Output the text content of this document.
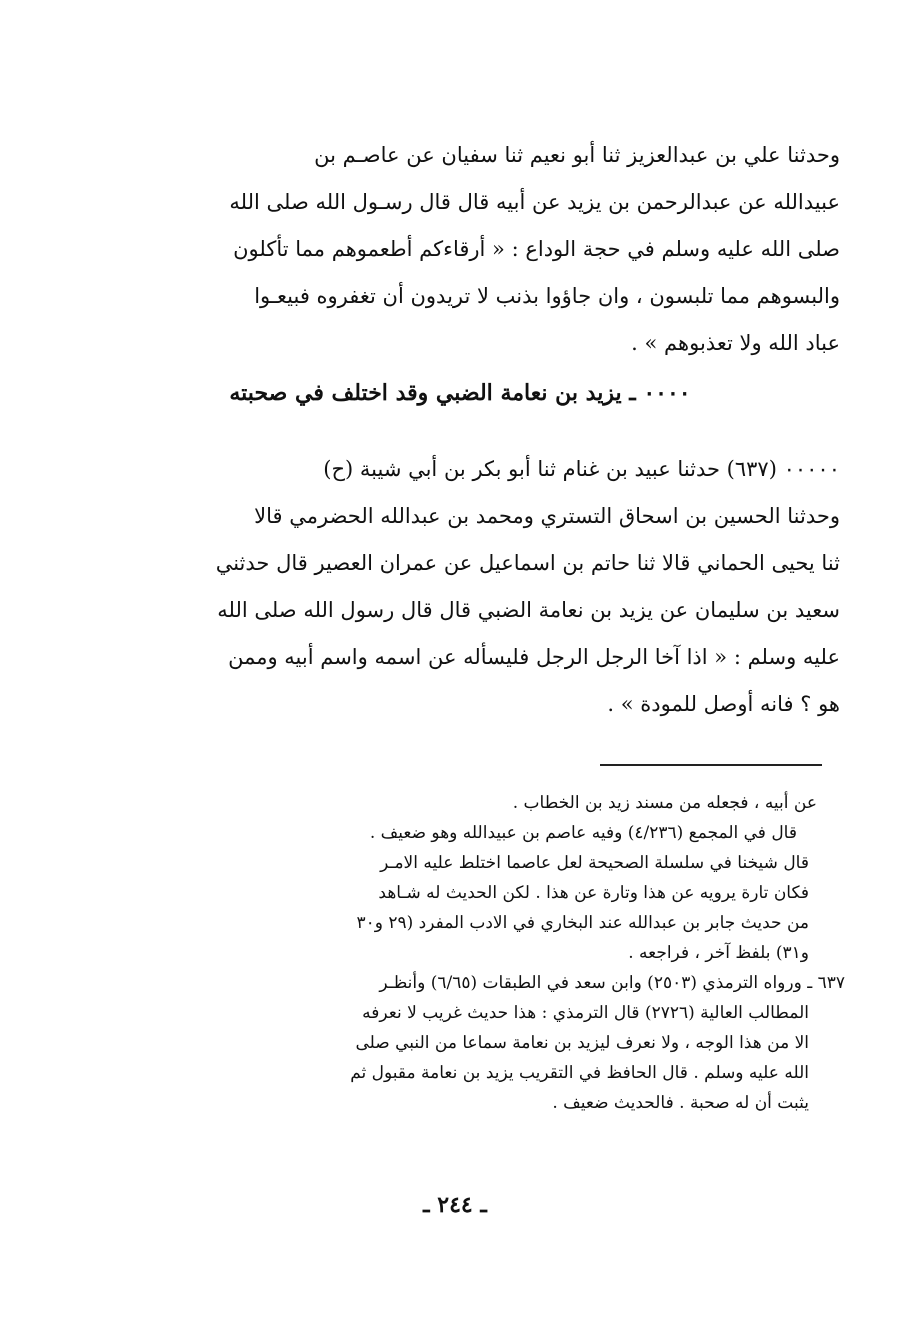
وحدثنا علي بن عبدالعزيز ثنا أبو نعيم ثنا سفيان عن عاصـم بن
عبيدالله عن عبدالرحمن بن يزيد عن أبيه قال قال رسـول الله صلى الله
صلى الله عليه وسلم في حجة الوداع : « أرقاءكم أطعموهم مما تأكلون
والبسوهم مما تلبسون ، وان جاؤوا بذنب لا تريدون أن تغفروه فبيعـوا
عباد الله ولا تعذبوهم » .
٠٠٠٠ ـ يزيد بن نعامة الضبي وقد اختلف في صحبته
٠٠٠٠٠ (٦٣٧) حدثنا عبيد بن غنام ثنا أبو بكر بن أبي شيبة (ح)
وحدثنا الحسين بن اسحاق التستري ومحمد بن عبدالله الحضرمي قالا
ثنا يحيى الحماني قالا ثنا حاتم بن اسماعيل عن عمران العصير قال حدثني
سعيد بن سليمان عن يزيد بن نعامة الضبي قال قال رسول الله صلى الله
عليه وسلم : « اذا آخا الرجل الرجل فليسأله عن اسمه واسم أبيه وممن
هو ؟ فانه أوصل للمودة » .
عن أبيه ، فجعله من مسند زيد بن الخطاب .
قال في المجمع (٤/٢٣٦) وفيه عاصم بن عبيدالله وهو ضعيف .
قال شيخنا في سلسلة الصحيحة لعل عاصما اختلط عليه الامـر
فكان تارة يرويه عن هذا وتارة عن هذا . لكن الحديث له شـاهد
من حديث جابر بن عبدالله عند البخاري في الادب المفرد (٢٩ و٣٠
و٣١) بلفظ آخر ، فراجعه .
٦٣٧ ـ ورواه الترمذي (٢٥٠٣) وابن سعد في الطبقات (٦/٦٥) وأنظـر
المطالب العالية (٢٧٢٦) قال الترمذي : هذا حديث غريب لا نعرفه
الا من هذا الوجه ، ولا نعرف ليزيد بن نعامة سماعا من النبي صلى
الله عليه وسلم . قال الحافظ في التقريب يزيد بن نعامة مقبول ثم
يثبت أن له صحبة . فالحديث ضعيف .
ـ ٢٤٤ ـ
